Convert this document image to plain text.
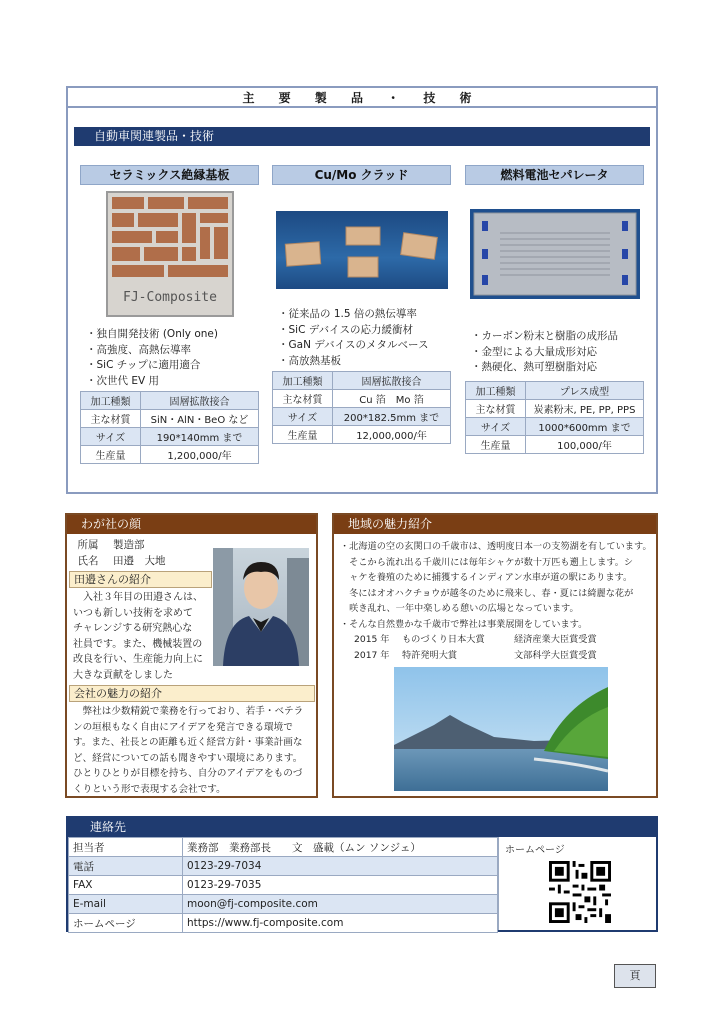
主 要 製 品 ・ 技 術
自動車関連製品・技術
セラミックス絶縁基板
FJ-Composite
・独自開発技術 (Only one)
・高強度、高熱伝導率
・SiC チップに適用適合
・次世代 EV 用
加工種類	固層拡散接合
主な材質	SiN・AlN・BeO など
サイズ	190*140mm まで
生産量	1,200,000/年
Cu/Mo クラッド
・従来品の 1.5 倍の熱伝導率
・SiC デバイスの応力緩衝材
・GaN デバイスのメタルベース
・高放熱基板
加工種類	固層拡散接合
主な材質	Cu 箔　Mo 箔
サイズ	200*182.5mm まで
生産量	12,000,000/年
燃料電池セパレータ
・カーボン粉末と樹脂の成形品
・金型による大量成形対応
・熱硬化、熱可塑樹脂対応
加工種類	プレス成型
主な材質	炭素粉末, PE, PP, PPS
サイズ	1000*600mm まで
生産量	100,000/年
わが社の顔
所属	製造部
氏名	田邉　大地
田邉さんの紹介
　入社３年目の田邉さんは、
いつも新しい技術を求めて
チャレンジする研究熱心な
社員です。また、機械装置の
改良を行い、生産能力向上に
大きな貢献をしました
会社の魅力の紹介
　弊社は少数精鋭で業務を行っており、若手・ベテラ
ンの垣根もなく自由にアイデアを発言できる環境で
す。また、社長との距離も近く経営方針・事業計画な
ど、経営についての話も聞きやすい環境にあります。
ひとりひとりが目標を持ち、自分のアイデアをものづ
くりという形で表現する会社です。
地域の魅力紹介
・北海道の空の玄関口の千歳市は、透明度日本一の支笏湖を有しています。
　そこから流れ出る千歳川には毎年シャケが数十万匹も遡上します。シ
　ャケを養殖のために捕獲するインディアン水車が道の駅にあります。
　冬にはオオハクチョウが越冬のために飛来し、春・夏には綺麗な花が
　咲き乱れ、一年中楽しめる憩いの広場となっています。
・そんな自然豊かな千歳市で弊社は事業展開をしています。
2015 年	ものづくり日本大賞	経済産業大臣賞受賞
2017 年	特許発明大賞	文部科学大臣賞受賞
連絡先
担当者	業務部　業務部長　　文　盛載（ムン ソンジェ）
電話	0123-29-7034
FAX	0123-29-7035
E-mail	moon@fj-composite.com
ホームページ	https://www.fj-composite.com
ホームページ
頁
